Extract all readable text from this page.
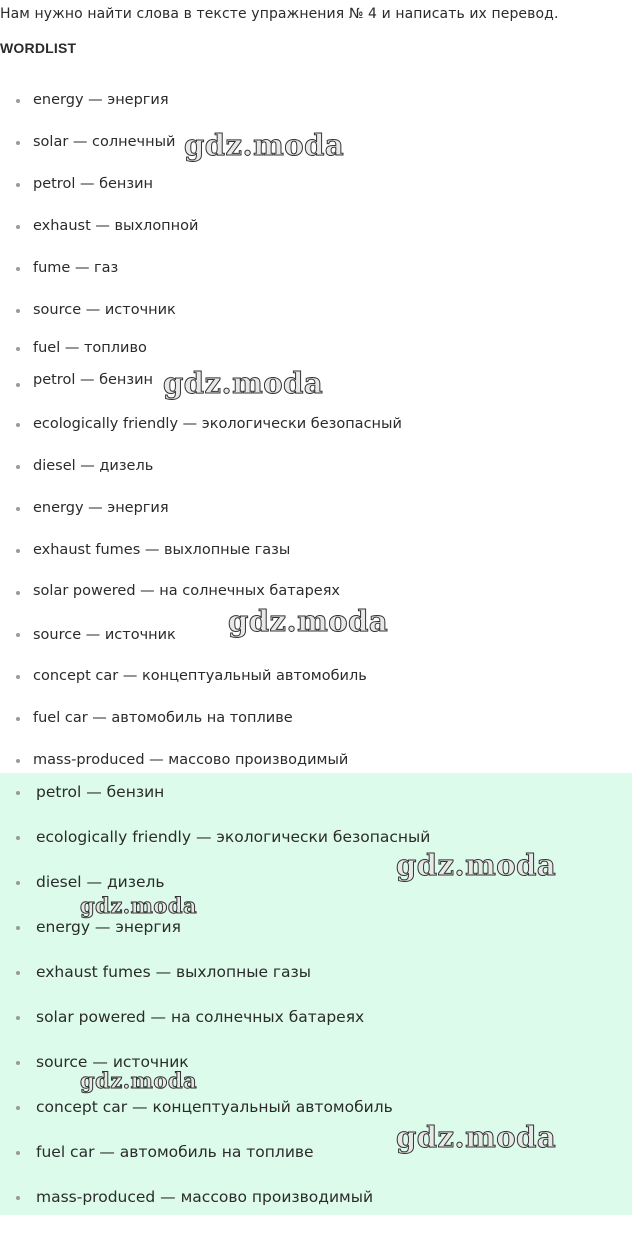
Нам нужно найти слова в тексте упражнения № 4 и написать их перевод.
WORDLIST
energy — энергия
solar — солнечный
petrol — бензин
exhaust — выхлопной
fume — газ
source — источник
fuel — топливо
petrol — бензин
ecologically friendly — экологически безопасный
diesel — дизель
energy — энергия
exhaust fumes — выхлопные газы
solar powered — на солнечных батареях
source — источник
concept car — концептуальный автомобиль
fuel car — автомобиль на топливе
mass-produced — массово производимый
petrol — бензин
ecologically friendly — экологически безопасный
diesel — дизель
energy — энергия
exhaust fumes — выхлопные газы
solar powered — на солнечных батареях
source — источник
concept car — концептуальный автомобиль
fuel car — автомобиль на топливе
mass-produced — массово производимый
gdz.moda
gdz.moda
gdz.moda
gdz.moda
gdz.moda
gdz.moda
gdz.moda
